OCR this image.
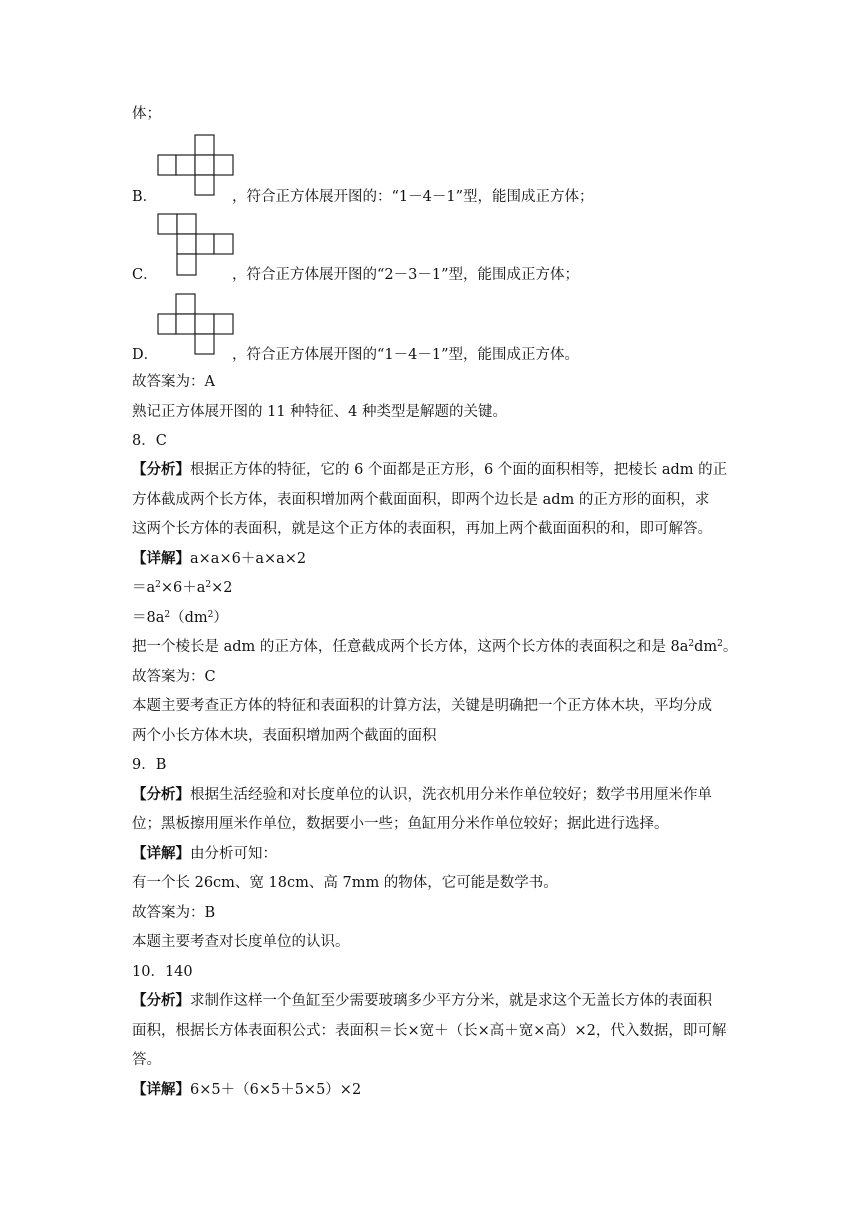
体；
B．	，符合正方体展开图的：“1－4－1”型，能围成正方体；
C．	，符合正方体展开图的“2－3－1”型，能围成正方体；
D．	，符合正方体展开图的“1－4－1”型，能围成正方体。
故答案为：A
熟记正方体展开图的 11 种特征、4 种类型是解题的关键。
8．C
【分析】根据正方体的特征，它的 6 个面都是正方形，6 个面的面积相等，把棱长 adm 的正
方体截成两个长方体，表面积增加两个截面面积，即两个边长是 adm 的正方形的面积，求
这两个长方体的表面积，就是这个正方体的表面积，再加上两个截面面积的和，即可解答。
【详解】a×a×6＋a×a×2
$=a^2\times 6+a^2\times 2$
$=8a^2(dm^2)$
把一个棱长是 adm 的正方体，任意截成两个长方体，这两个长方体的表面积之和是 $8a^2dm^2$。
故答案为：C
本题主要考查正方体的特征和表面积的计算方法，关键是明确把一个正方体木块，平均分成
两个小长方体木块，表面积增加两个截面的面积
9．B
【分析】根据生活经验和对长度单位的认识，洗衣机用分米作单位较好；数学书用厘米作单
位；黑板擦用厘米作单位，数据要小一些；鱼缸用分米作单位较好；据此进行选择。
【详解】由分析可知：
有一个长 26cm、宽 18cm、高 7mm 的物体，它可能是数学书。
故答案为：B
本题主要考查对长度单位的认识。
10．140
【分析】求制作这样一个鱼缸至少需要玻璃多少平方分米，就是求这个无盖长方体的表面积
面积，根据长方体表面积公式：表面积＝长×宽＋（长×高＋宽×高）×2，代入数据，即可解
答。
【详解】6×5＋（6×5＋5×5）×2
